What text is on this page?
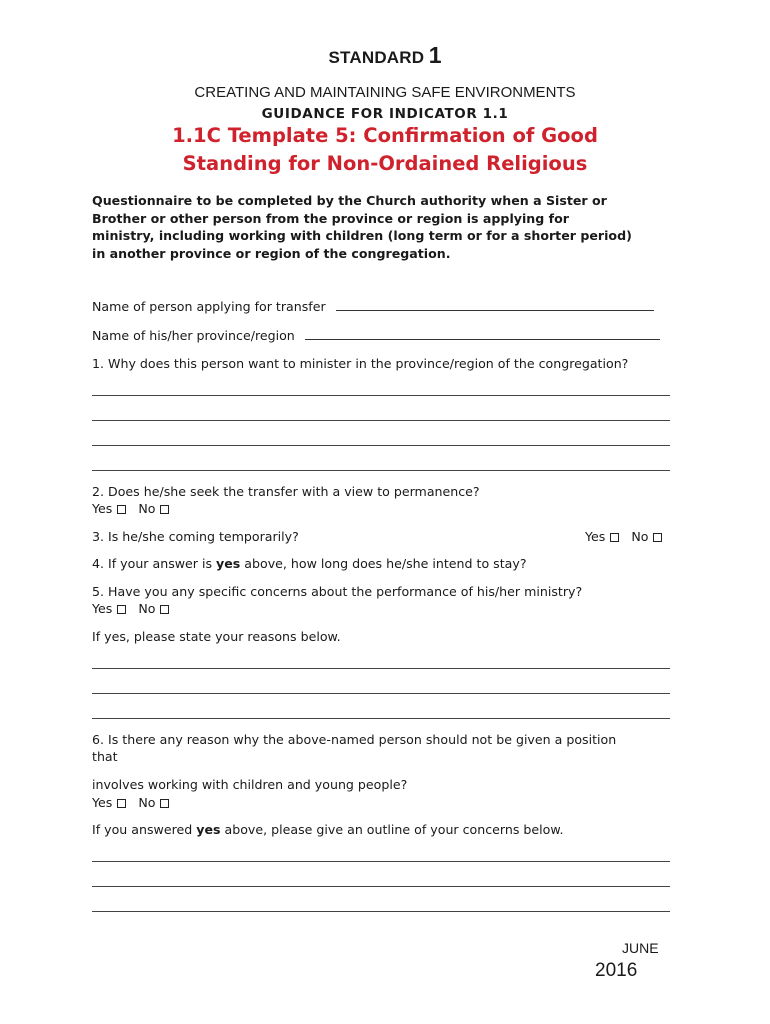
STANDARD 1
CREATING AND MAINTAINING SAFE ENVIRONMENTS
GUIDANCE FOR INDICATOR 1.1
1.1C Template 5: Confirmation of Good
Standing for Non-Ordained Religious
Questionnaire to be completed by the Church authority when a Sister or
Brother or other person from the province or region is applying for
ministry, including working with children (long term or for a shorter period)
in another province or region of the congregation.
Name of person applying for transfer
Name of his/her province/region
1. Why does this person want to minister in the province/region of the congregation?
2. Does he/she seek the transfer with a view to permanence?
Yes No
3. Is he/she coming temporarily?	Yes No
4. If your answer is yes above, how long does he/she intend to stay?
5. Have you any specific concerns about the performance of his/her ministry?
Yes No
If yes, please state your reasons below.
6. Is there any reason why the above-named person should not be given a position
that
involves working with children and young people?
Yes No
If you answered yes above, please give an outline of your concerns below.
JUNE
2016
